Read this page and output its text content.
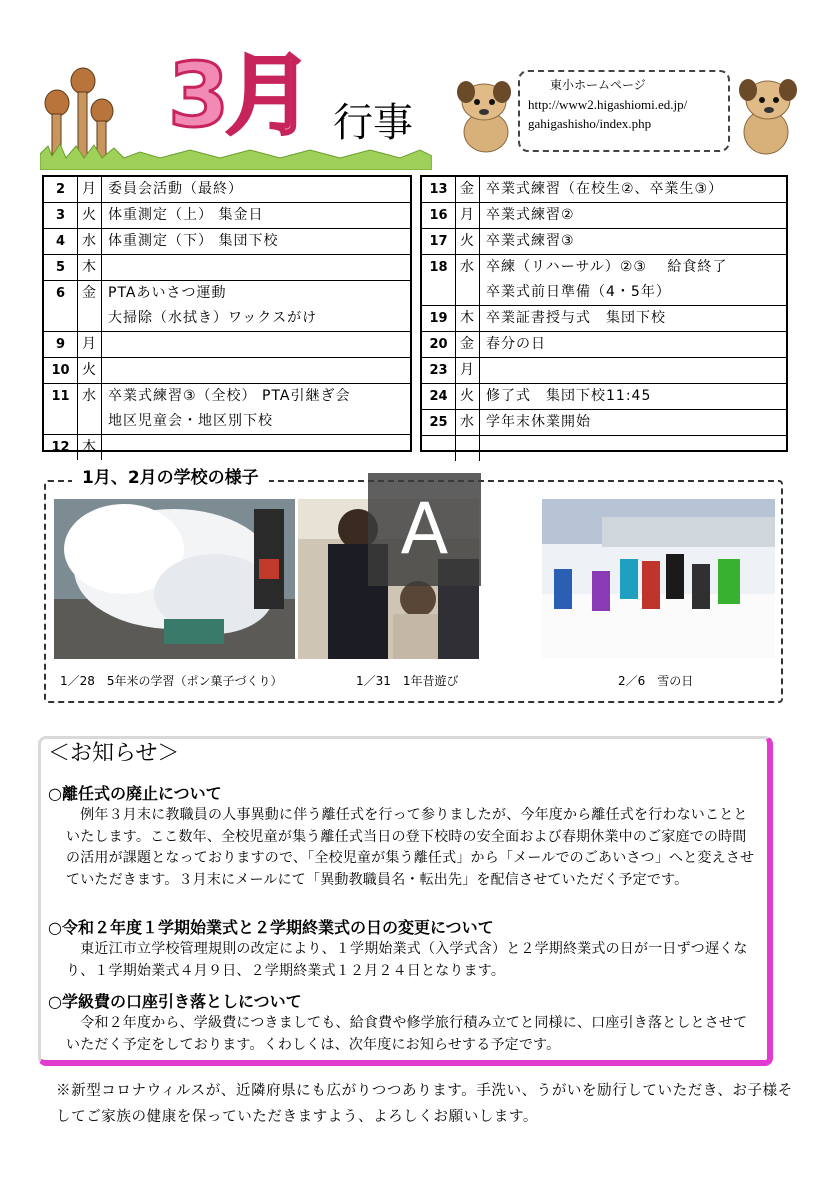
3月 行事
東小ホームページ
http://www2.higashiomi.ed.jp/
gahigashisho/index.php
2	月 委員会活動（最終）
3	火 体重測定（上） 集金日
4	水 体重測定（下） 集団下校
5	木
6	金 PTAあいさつ運動
大掃除（水拭き）ワックスがけ
9	月
10 火
11 水 卒業式練習③（全校） PTA引継ぎ会
地区児童会・地区別下校
12 木
13 金 卒業式練習（在校生②、卒業生③）
16 月 卒業式練習②
17 火 卒業式練習③
18 水 卒練（リハーサル）②③　 給食終了
卒業式前日準備（4・5年）
19 木 卒業証書授与式　集団下校
20 金 春分の日
23 月
24 火 修了式　集団下校11:45
25 水 学年末休業開始
1月、2月の学校の様子
A
1／28　5年米の学習（ポン菓子づくり）	1／31　1年昔遊び	2／6　雪の日
＜お知らせ＞
○離任式の廃止について
　例年３月末に教職員の人事異動に伴う離任式を行って参りましたが、今年度から離任式を行わないことといたします。ここ数年、全校児童が集う離任式当日の登下校時の安全面および春期休業中のご家庭での時間の活用が課題となっておりますので、「全校児童が集う離任式」から「メールでのごあいさつ」へと変えさせていただきます。３月末にメールにて「異動教職員名・転出先」を配信させていただく予定です。
○令和２年度１学期始業式と２学期終業式の日の変更について
　東近江市立学校管理規則の改定により、１学期始業式（入学式含）と２学期終業式の日が一日ずつ遅くなり、１学期始業式４月９日、２学期終業式１２月２４日となります。
○学級費の口座引き落としについて
　令和２年度から、学級費につきましても、給食費や修学旅行積み立てと同様に、口座引き落としとさせていただく予定をしております。くわしくは、次年度にお知らせする予定です。
※新型コロナウィルスが、近隣府県にも広がりつつあります。手洗い、うがいを励行していただき、お子様そしてご家族の健康を保っていただきますよう、よろしくお願いします。
